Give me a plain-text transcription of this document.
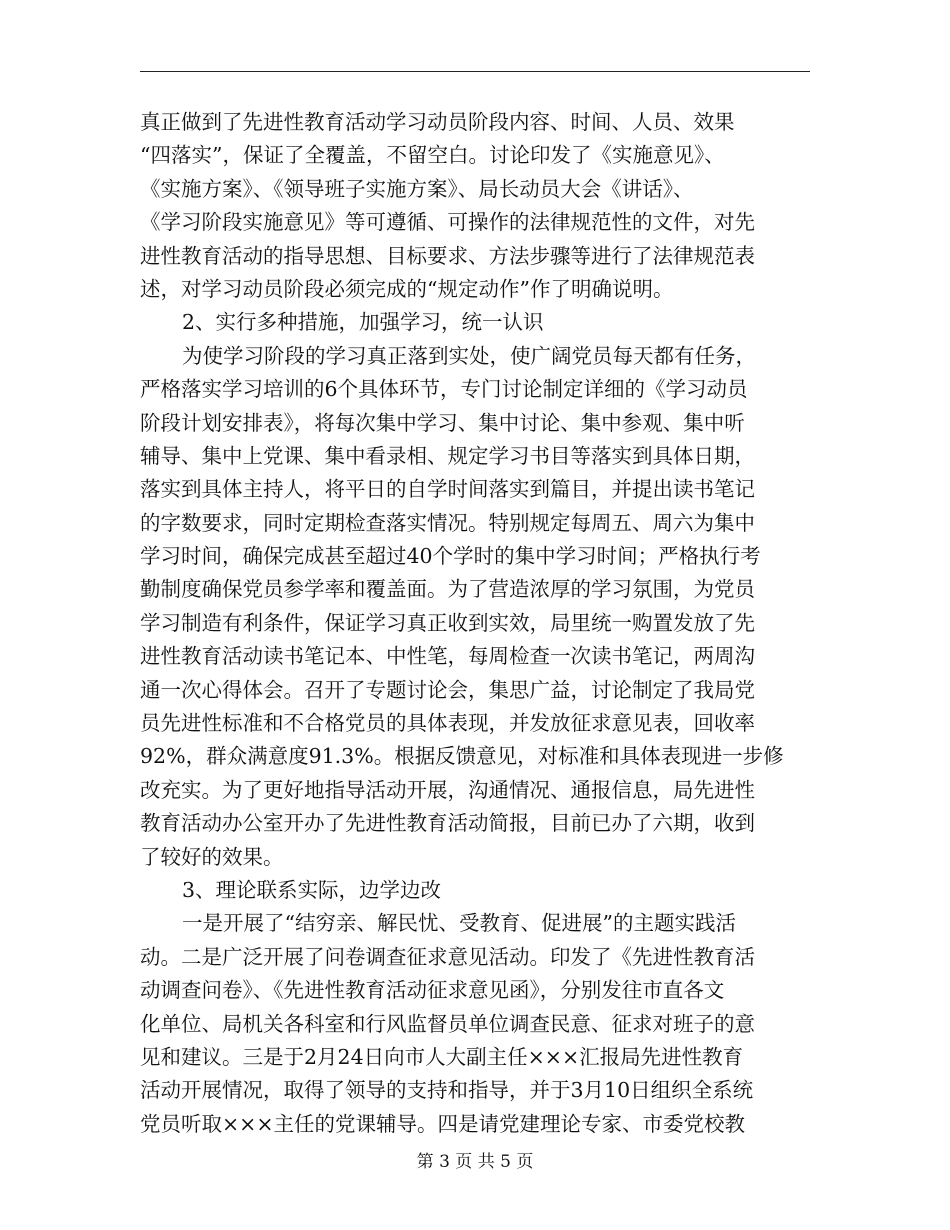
真正做到了先进性教育活动学习动员阶段内容、时间、人员、效果
“四落实”，保证了全覆盖，不留空白。讨论印发了《实施意见》、
《实施方案》、《领导班子实施方案》、局长动员大会《讲话》、
《学习阶段实施意见》等可遵循、可操作的法律规范性的文件，对先
进性教育活动的指导思想、目标要求、方法步骤等进行了法律规范表
述，对学习动员阶段必须完成的“规定动作”作了明确说明。
2、实行多种措施，加强学习，统一认识
为使学习阶段的学习真正落到实处，使广阔党员每天都有任务，
严格落实学习培训的6个具体环节，专门讨论制定详细的《学习动员
阶段计划安排表》，将每次集中学习、集中讨论、集中参观、集中听
辅导、集中上党课、集中看录相、规定学习书目等落实到具体日期，
落实到具体主持人，将平日的自学时间落实到篇目，并提出读书笔记
的字数要求，同时定期检查落实情况。特别规定每周五、周六为集中
学习时间，确保完成甚至超过40个学时的集中学习时间；严格执行考
勤制度确保党员参学率和覆盖面。为了营造浓厚的学习氛围，为党员
学习制造有利条件，保证学习真正收到实效，局里统一购置发放了先
进性教育活动读书笔记本、中性笔，每周检查一次读书笔记，两周沟
通一次心得体会。召开了专题讨论会，集思广益，讨论制定了我局党
员先进性标准和不合格党员的具体表现，并发放征求意见表，回收率
92%，群众满意度91.3%。根据反馈意见，对标准和具体表现进一步修
改充实。为了更好地指导活动开展，沟通情况、通报信息，局先进性
教育活动办公室开办了先进性教育活动简报，目前已办了六期，收到
了较好的效果。
3、理论联系实际，边学边改
一是开展了“结穷亲、解民忧、受教育、促进展”的主题实践活
动。二是广泛开展了问卷调查征求意见活动。印发了《先进性教育活
动调查问卷》、《先进性教育活动征求意见函》，分别发往市直各文
化单位、局机关各科室和行风监督员单位调查民意、征求对班子的意
见和建议。三是于2月24日向市人大副主任×××汇报局先进性教育
活动开展情况，取得了领导的支持和指导，并于3月10日组织全系统
党员听取×××主任的党课辅导。四是请党建理论专家、市委党校教
第 3 页 共 5 页
